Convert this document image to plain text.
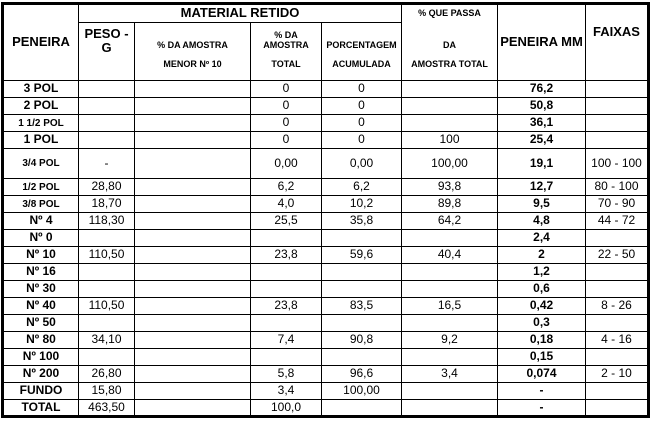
PENEIRA	MATERIAL RETIDO				% QUE PASSA	PENEIRA MM	FAIXAS
	PESO - G	% DA AMOSTRA	% DA AMOSTRA	PORCENTAGEM	DA		
		MENOR Nº 10	TOTAL	ACUMULADA	AMOSTRA TOTAL		
3 POL			0	0		76,2	
2 POL			0	0		50,8	
1 1/2 POL			0	0		36,1	
1 POL			0	0	100	25,4	
3/4 POL	-		0,00	0,00	100,00	19,1	100 - 100
1/2 POL	28,80		6,2	6,2	93,8	12,7	80 - 100
3/8 POL	18,70		4,0	10,2	89,8	9,5	70 - 90
Nº 4	118,30		25,5	35,8	64,2	4,8	44 - 72
Nº 0						2,4	
Nº 10	110,50		23,8	59,6	40,4	2	22 - 50
Nº 16						1,2	
Nº 30						0,6	
Nº 40	110,50		23,8	83,5	16,5	0,42	8 - 26
Nº 50						0,3	
Nº 80	34,10		7,4	90,8	9,2	0,18	4 - 16
Nº 100						0,15	
Nº 200	26,80		5,8	96,6	3,4	0,074	2 - 10
FUNDO	15,80		3,4	100,00		-	
TOTAL	463,50		100,0			-	
